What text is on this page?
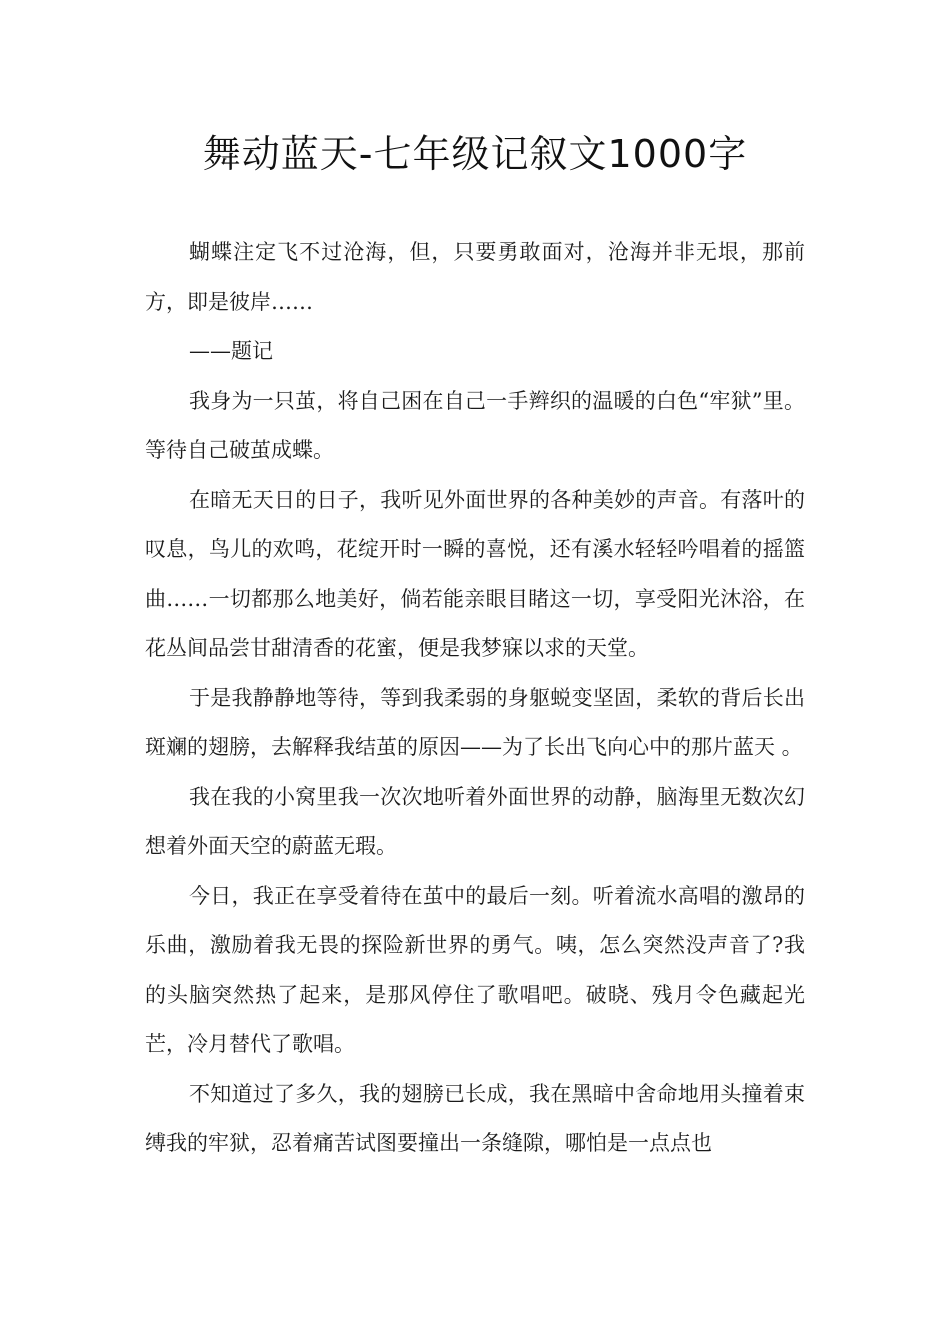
舞动蓝天-七年级记叙文1000字

蝴蝶注定飞不过沧海，但，只要勇敢面对，沧海并非无垠，那前方，即是彼岸……

——题记

我身为一只茧，将自己困在自己一手辫织的温暖的白色“牢狱”里。等待自己破茧成蝶。

在暗无天日的日子，我听见外面世界的各种美妙的声音。有落叶的叹息，鸟儿的欢鸣，花绽开时一瞬的喜悦，还有溪水轻轻吟唱着的摇篮曲……一切都那么地美好，倘若能亲眼目睹这一切，享受阳光沐浴，在花丛间品尝甘甜清香的花蜜，便是我梦寐以求的天堂。

于是我静静地等待，等到我柔弱的身躯蜕变坚固，柔软的背后长出斑斓的翅膀，去解释我结茧的原因——为了长出飞向心中的那片蓝天 。

我在我的小窝里我一次次地听着外面世界的动静，脑海里无数次幻想着外面天空的蔚蓝无瑕。

今日，我正在享受着待在茧中的最后一刻。听着流水高唱的激昂的乐曲，激励着我无畏的探险新世界的勇气。咦，怎么突然没声音了?我的头脑突然热了起来，是那风停住了歌唱吧。破晓、残月令色藏起光芒，冷月替代了歌唱。

不知道过了多久，我的翅膀已长成，我在黑暗中舍命地用头撞着束缚我的牢狱，忍着痛苦试图要撞出一条缝隙，哪怕是一点点也
